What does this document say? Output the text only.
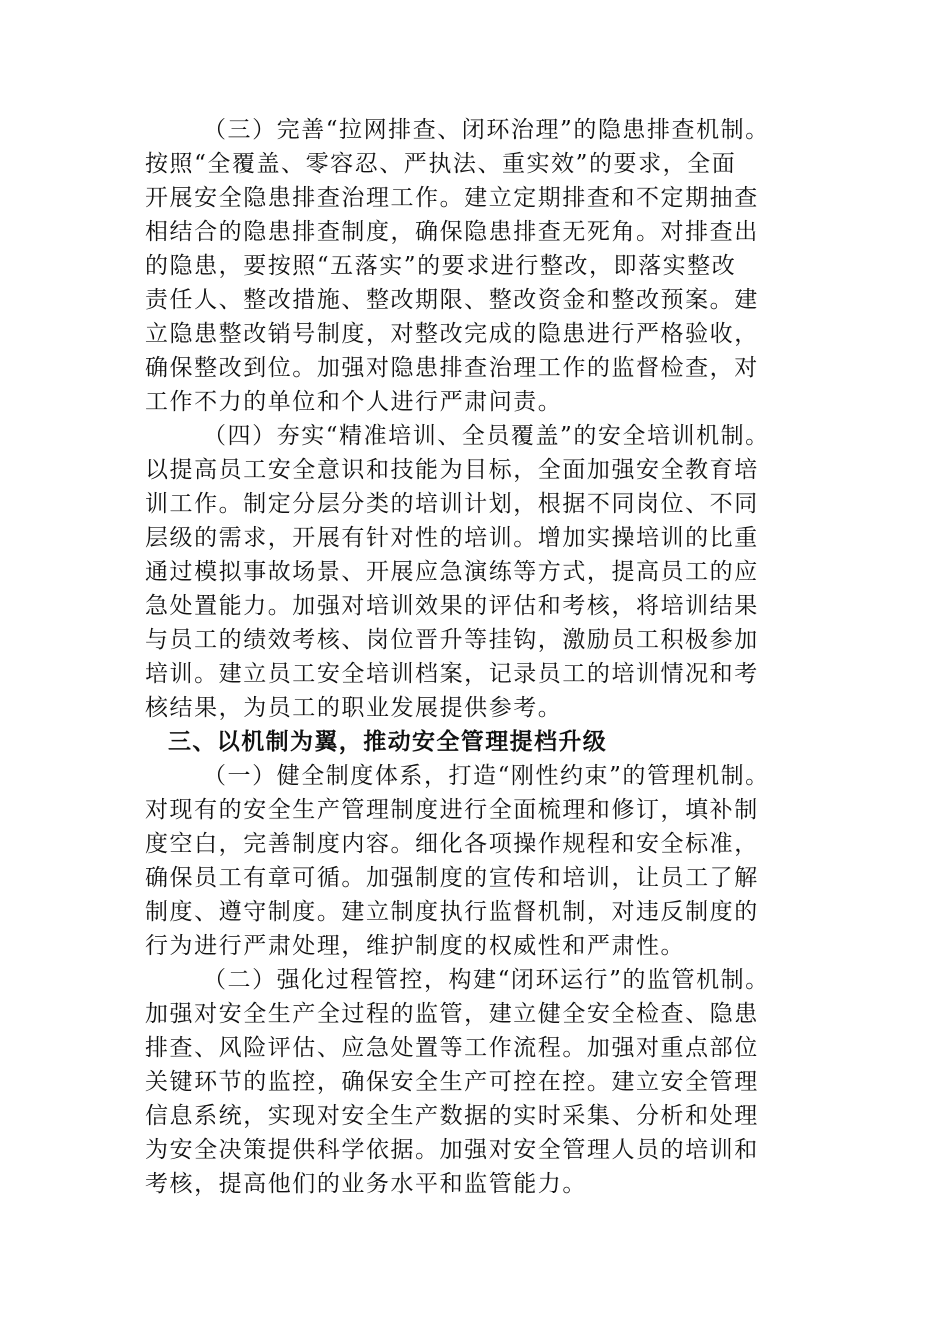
（三）完善“拉网排查、闭环治理”的隐患排查机制。
按照“全覆盖、零容忍、严执法、重实效”的要求，全面
开展安全隐患排查治理工作。建立定期排查和不定期抽查
相结合的隐患排查制度，确保隐患排查无死角。对排查出
的隐患，要按照“五落实”的要求进行整改，即落实整改
责任人、整改措施、整改期限、整改资金和整改预案。建
立隐患整改销号制度，对整改完成的隐患进行严格验收，
确保整改到位。加强对隐患排查治理工作的监督检查，对
工作不力的单位和个人进行严肃问责。
（四）夯实“精准培训、全员覆盖”的安全培训机制。
以提高员工安全意识和技能为目标，全面加强安全教育培
训工作。制定分层分类的培训计划，根据不同岗位、不同
层级的需求，开展有针对性的培训。增加实操培训的比重
通过模拟事故场景、开展应急演练等方式，提高员工的应
急处置能力。加强对培训效果的评估和考核，将培训结果
与员工的绩效考核、岗位晋升等挂钩，激励员工积极参加
培训。建立员工安全培训档案，记录员工的培训情况和考
核结果，为员工的职业发展提供参考。
三、以机制为翼，推动安全管理提档升级
（一）健全制度体系，打造“刚性约束”的管理机制。
对现有的安全生产管理制度进行全面梳理和修订，填补制
度空白，完善制度内容。细化各项操作规程和安全标准，
确保员工有章可循。加强制度的宣传和培训，让员工了解
制度、遵守制度。建立制度执行监督机制，对违反制度的
行为进行严肃处理，维护制度的权威性和严肃性。
（二）强化过程管控，构建“闭环运行”的监管机制。
加强对安全生产全过程的监管，建立健全安全检查、隐患
排查、风险评估、应急处置等工作流程。加强对重点部位
关键环节的监控，确保安全生产可控在控。建立安全管理
信息系统，实现对安全生产数据的实时采集、分析和处理
为安全决策提供科学依据。加强对安全管理人员的培训和
考核，提高他们的业务水平和监管能力。
